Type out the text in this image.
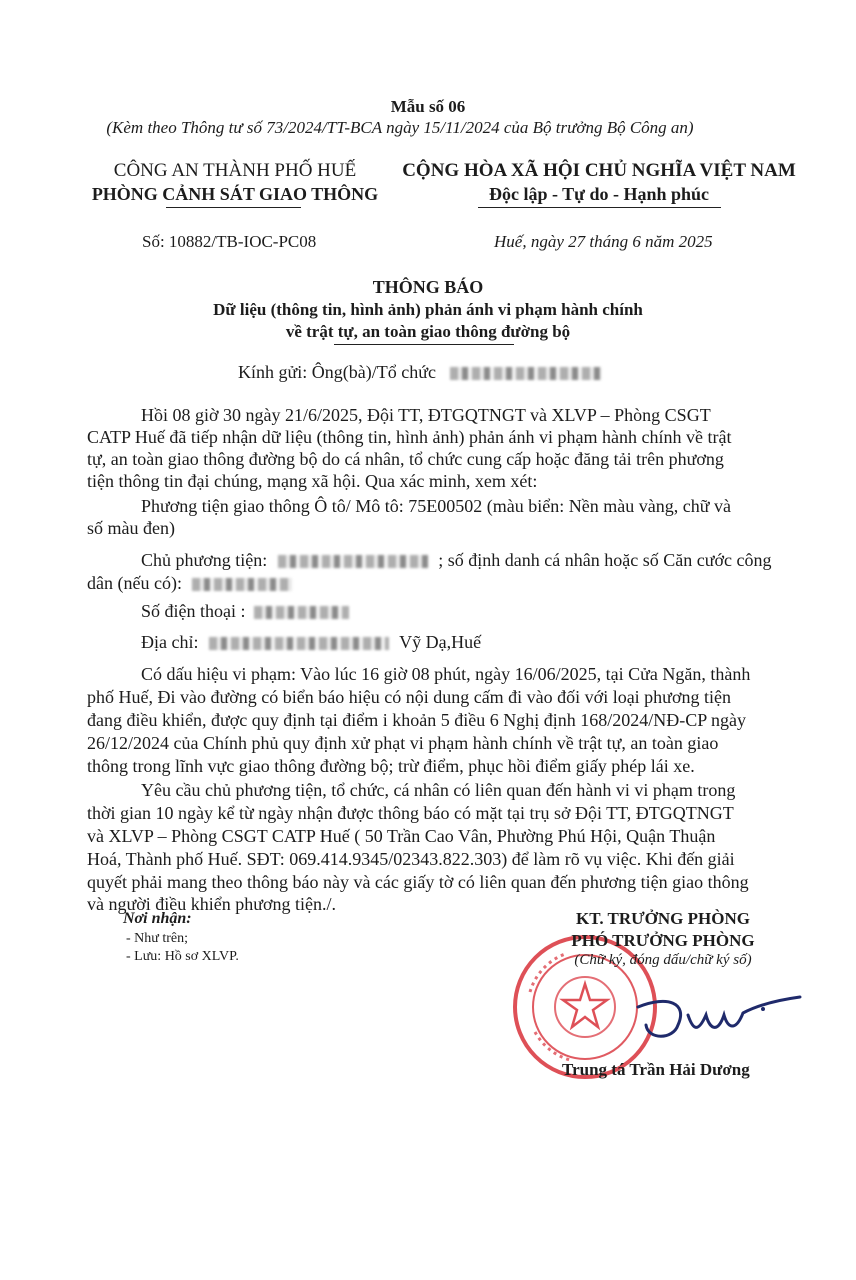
Mẫu số 06
(Kèm theo Thông tư số 73/2024/TT-BCA ngày 15/11/2024 của Bộ trưởng Bộ Công an)
CÔNG AN THÀNH PHỐ HUẾ
PHÒNG CẢNH SÁT GIAO THÔNG
CỘNG HÒA XÃ HỘI CHỦ NGHĨA VIỆT NAM
Độc lập - Tự do - Hạnh phúc
Số: 10882/TB-IOC-PC08	Huế, ngày 27 tháng 6 năm 2025
THÔNG BÁO
Dữ liệu (thông tin, hình ảnh) phản ánh vi phạm hành chính
về trật tự, an toàn giao thông đường bộ
Kính gửi: Ông(bà)/Tổ chức
Hồi 08 giờ 30 ngày 21/6/2025, Đội TT, ĐTGQTNGT và XLVP – Phòng CSGT
CATP Huế đã tiếp nhận dữ liệu (thông tin, hình ảnh) phản ánh vi phạm hành chính về trật
tự, an toàn giao thông đường bộ do cá nhân, tổ chức cung cấp hoặc đăng tải trên phương
tiện thông tin đại chúng, mạng xã hội. Qua xác minh, xem xét:
Phương tiện giao thông Ô tô/ Mô tô: 75E00502 (màu biển: Nền màu vàng, chữ và
số màu đen)
Chủ phương tiện:	; số định danh cá nhân hoặc số Căn cước công
dân (nếu có):
Số điện thoại :
Địa chỉ:	Vỹ Dạ,Huế
Có dấu hiệu vi phạm: Vào lúc 16 giờ 08 phút, ngày 16/06/2025, tại Cửa Ngăn, thành
phố Huế, Đi vào đường có biển báo hiệu có nội dung cấm đi vào đối với loại phương tiện
đang điều khiển, được quy định tại điểm i khoản 5 điều 6 Nghị định 168/2024/NĐ-CP ngày
26/12/2024 của Chính phủ quy định xử phạt vi phạm hành chính về trật tự, an toàn giao
thông trong lĩnh vực giao thông đường bộ; trừ điểm, phục hồi điểm giấy phép lái xe.
Yêu cầu chủ phương tiện, tổ chức, cá nhân có liên quan đến hành vi vi phạm trong
thời gian 10 ngày kể từ ngày nhận được thông báo có mặt tại trụ sở Đội TT, ĐTGQTNGT
và XLVP – Phòng CSGT CATP Huế ( 50 Trần Cao Vân, Phường Phú Hội, Quận Thuận
Hoá, Thành phố Huế. SĐT: 069.414.9345/02343.822.303) để làm rõ vụ việc. Khi đến giải
quyết phải mang theo thông báo này và các giấy tờ có liên quan đến phương tiện giao thông
và người điều khiển phương tiện./.
Nơi nhận:
- Như trên;
- Lưu: Hồ sơ XLVP.
KT. TRƯỞNG PHÒNG
PHÓ TRƯỞNG PHÒNG
(Chữ ký, đóng dấu/chữ ký số)
Trung tá Trần Hải Dương
